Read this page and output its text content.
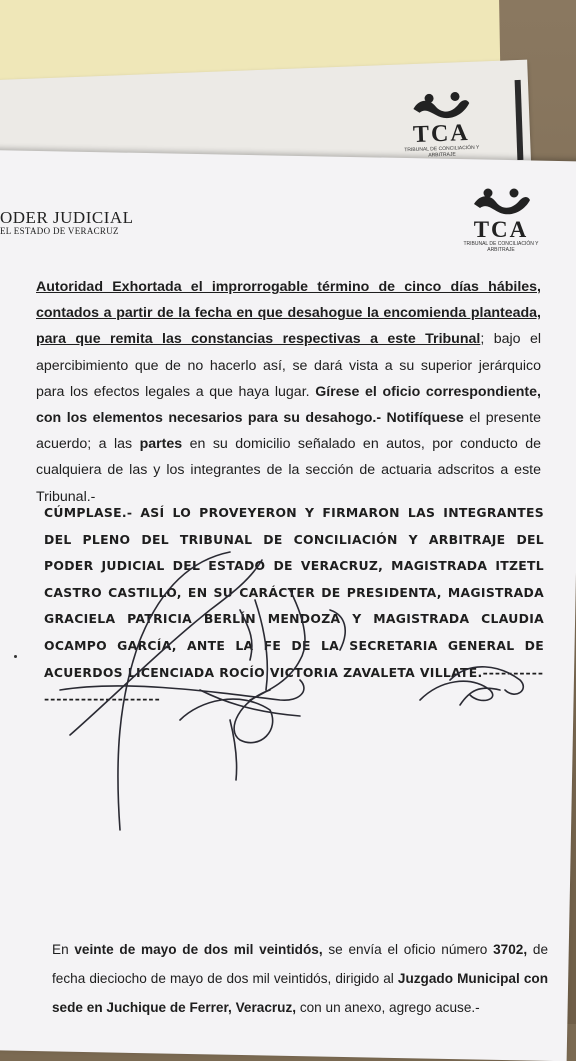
TCA
TRIBUNAL DE CONCILIACIÓN Y ARBITRAJE
TCA
TRIBUNAL DE CONCILIACIÓN Y ARBITRAJE
ODER JUDICIAL
EL ESTADO DE VERACRUZ
Autoridad Exhortada el improrrogable término de cinco días hábiles, contados a partir de la fecha en que desahogue la encomienda planteada, para que remita las constancias respectivas a este Tribunal; bajo el apercibimiento que de no hacerlo así, se dará vista a su superior jerárquico para los efectos legales a que haya lugar. Gírese el oficio correspondiente, con los elementos necesarios para su desahogo.- Notifíquese el presente acuerdo; a las partes en su domicilio señalado en autos, por conducto de cualquiera de las y los integrantes de la sección de actuaria adscritos a este Tribunal.-
CÚMPLASE.- ASÍ LO PROVEYERON Y FIRMARON LAS INTEGRANTES DEL PLENO DEL TRIBUNAL DE CONCILIACIÓN Y ARBITRAJE DEL PODER JUDICIAL DEL ESTADO DE VERACRUZ, MAGISTRADA ITZETL CASTRO CASTILLO, EN SU CARÁCTER DE PRESIDENTA, MAGISTRADA GRACIELA PATRICIA BERLÍN MENDOZA Y MAGISTRADA CLAUDIA OCAMPO GARCÍA, ANTE LA FE DE LA SECRETARIA GENERAL DE ACUERDOS LICENCIADA ROCÍO VICTORIA ZAVALETA VILLATE.-----------------------------
En veinte de mayo de dos mil veintidós, se envía el oficio número 3702, de fecha dieciocho de mayo de dos mil veintidós, dirigido al Juzgado Municipal con sede en Juchique de Ferrer, Veracruz, con un anexo, agrego acuse.-
